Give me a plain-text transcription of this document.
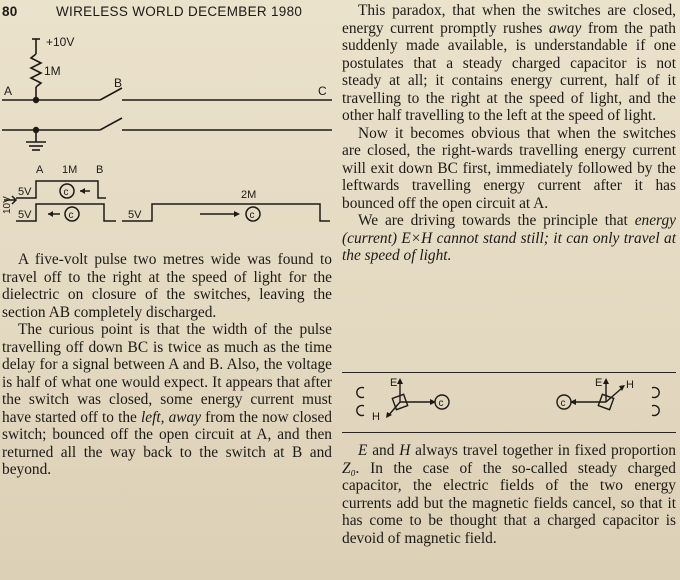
80	WIRELESS WORLD DECEMBER 1980
+10V
1M
A
B
C
A 1M B
10V
5V
5V	5V
2M
c
c	c

A five-volt pulse two metres wide was found to travel off to the right at the speed of light for the dielectric on closure of the switches, leaving the section AB completely discharged.

The curious point is that the width of the pulse travelling off down BC is twice as much as the time delay for a signal between A and B. Also, the voltage is half of what one would expect. It appears that after the switch was closed, some energy current must have started off to the left, away from the now closed switch; bounced off the open circuit at A, and then returned all the way back to the switch at B and beyond.

This paradox, that when the switches are closed, energy current promptly rushes away from the path suddenly made available, is understandable if one postulates that a steady charged capacitor is not steady at all; it contains energy current, half of it travelling to the right at the speed of light, and the other half travelling to the left at the speed of light.

Now it becomes obvious that when the switches are closed, the right-wards travelling energy current will exit down BC first, immediately followed by the leftwards travelling energy current after it has bounced off the open circuit at A.

We are driving towards the principle that energy (current) E×H cannot stand still; it can only travel at the speed of light.

E
H
E H
c	c

E and H always travel together in fixed proportion Z₀. In the case of the so-called steady charged capacitor, the electric fields of the two energy currents add but the magnetic fields cancel, so that it has come to be thought that a charged capacitor is devoid of magnetic field.
